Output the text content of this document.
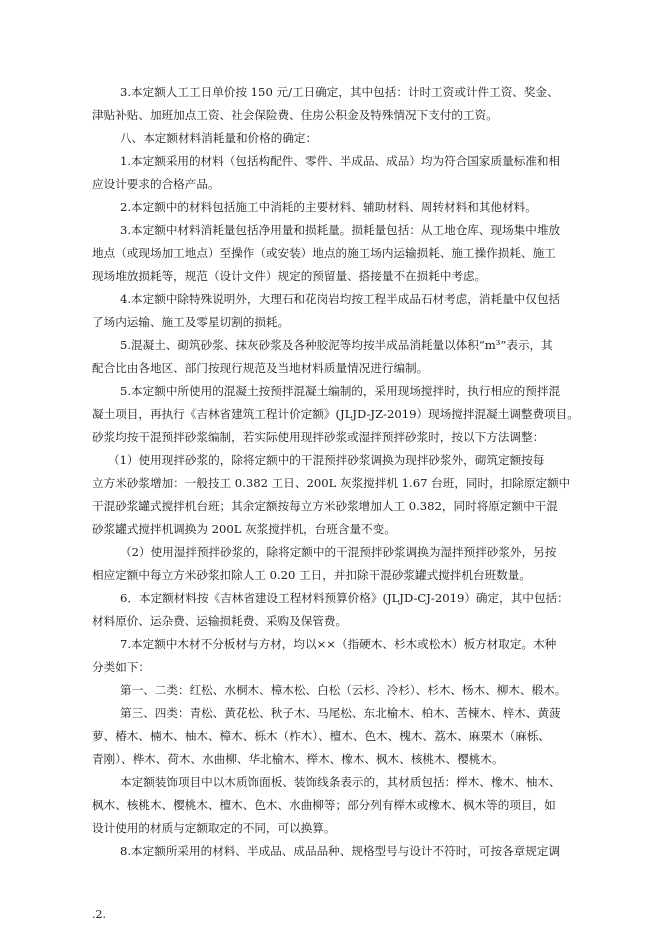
3.本定额人工工日单价按 150 元/工日确定，其中包括：计时工资或计件工资、奖金、
津贴补贴、加班加点工资、社会保险费、住房公积金及特殊情况下支付的工资。
八、本定额材料消耗量和价格的确定：
1.本定额采用的材料（包括构配件、零件、半成品、成品）均为符合国家质量标准和相
应设计要求的合格产品。
2.本定额中的材料包括施工中消耗的主要材料、辅助材料、周转材料和其他材料。
3.本定额中材料消耗量包括净用量和损耗量。损耗量包括：从工地仓库、现场集中堆放
地点（或现场加工地点）至操作（或安装）地点的施工场内运输损耗、施工操作损耗、施工
现场堆放损耗等，规范（设计文件）规定的预留量、搭接量不在损耗中考虑。
4.本定额中除特殊说明外，大理石和花岗岩均按工程半成品石材考虑，消耗量中仅包括
了场内运输、施工及零星切割的损耗。
5.混凝土、砌筑砂浆、抹灰砂浆及各种胶泥等均按半成品消耗量以体积“m³”表示，其
配合比由各地区、部门按现行规范及当地材料质量情况进行编制。
5.本定额中所使用的混凝土按预拌混凝土编制的，采用现场搅拌时，执行相应的预拌混
凝土项目，再执行《吉林省建筑工程计价定额》(JLJD-JZ-2019）现场搅拌混凝土调整费项目。
砂浆均按干混预拌砂浆编制，若实际使用现拌砂浆或湿拌预拌砂浆时，按以下方法调整：
（1）使用现拌砂浆的，除将定额中的干混预拌砂浆调换为现拌砂浆外，砌筑定额按每
立方米砂浆增加：一般技工 0.382 工日、200L 灰浆搅拌机 1.67 台班，同时，扣除原定额中
干混砂浆罐式搅拌机台班；其余定额按每立方米砂浆增加人工 0.382，同时将原定额中干混
砂浆罐式搅拌机调换为 200L 灰浆搅拌机，台班含量不变。
（2）使用湿拌预拌砂浆的，除将定额中的干混预拌砂浆调换为湿拌预拌砂浆外，另按
相应定额中每立方米砂浆扣除人工 0.20 工日，并扣除干混砂浆罐式搅拌机台班数量。
6．本定额材料按《吉林省建设工程材料预算价格》(JLJD-CJ-2019）确定，其中包括：
材料原价、运杂费、运输损耗费、采购及保管费。
7.本定额中木材不分板材与方材，均以××（指硬木、杉木或松木）板方材取定。木种
分类如下：
第一、二类：红松、水桐木、樟木松、白松（云杉、冷杉）、杉木、杨木、柳木、椴木。
第三、四类：青松、黄花松、秋子木、马尾松、东北榆木、柏木、苦楝木、梓木、黄菠
萝、椿木、楠木、柚木、樟木、栎木（柞木）、檀木、色木、槐木、荔木、麻栗木（麻栎、
青刚）、桦木、荷木、水曲柳、华北榆木、榉木、橡木、枫木、核桃木、樱桃木。
本定额装饰项目中以木质饰面板、装饰线条表示的，其材质包括：榉木、橡木、柚木、
枫木、核桃木、樱桃木、檀木、色木、水曲柳等；部分列有榉木或橡木、枫木等的项目，如
设计使用的材质与定额取定的不同，可以换算。
8.本定额所采用的材料、半成品、成品品种、规格型号与设计不符时，可按各章规定调
.2.
